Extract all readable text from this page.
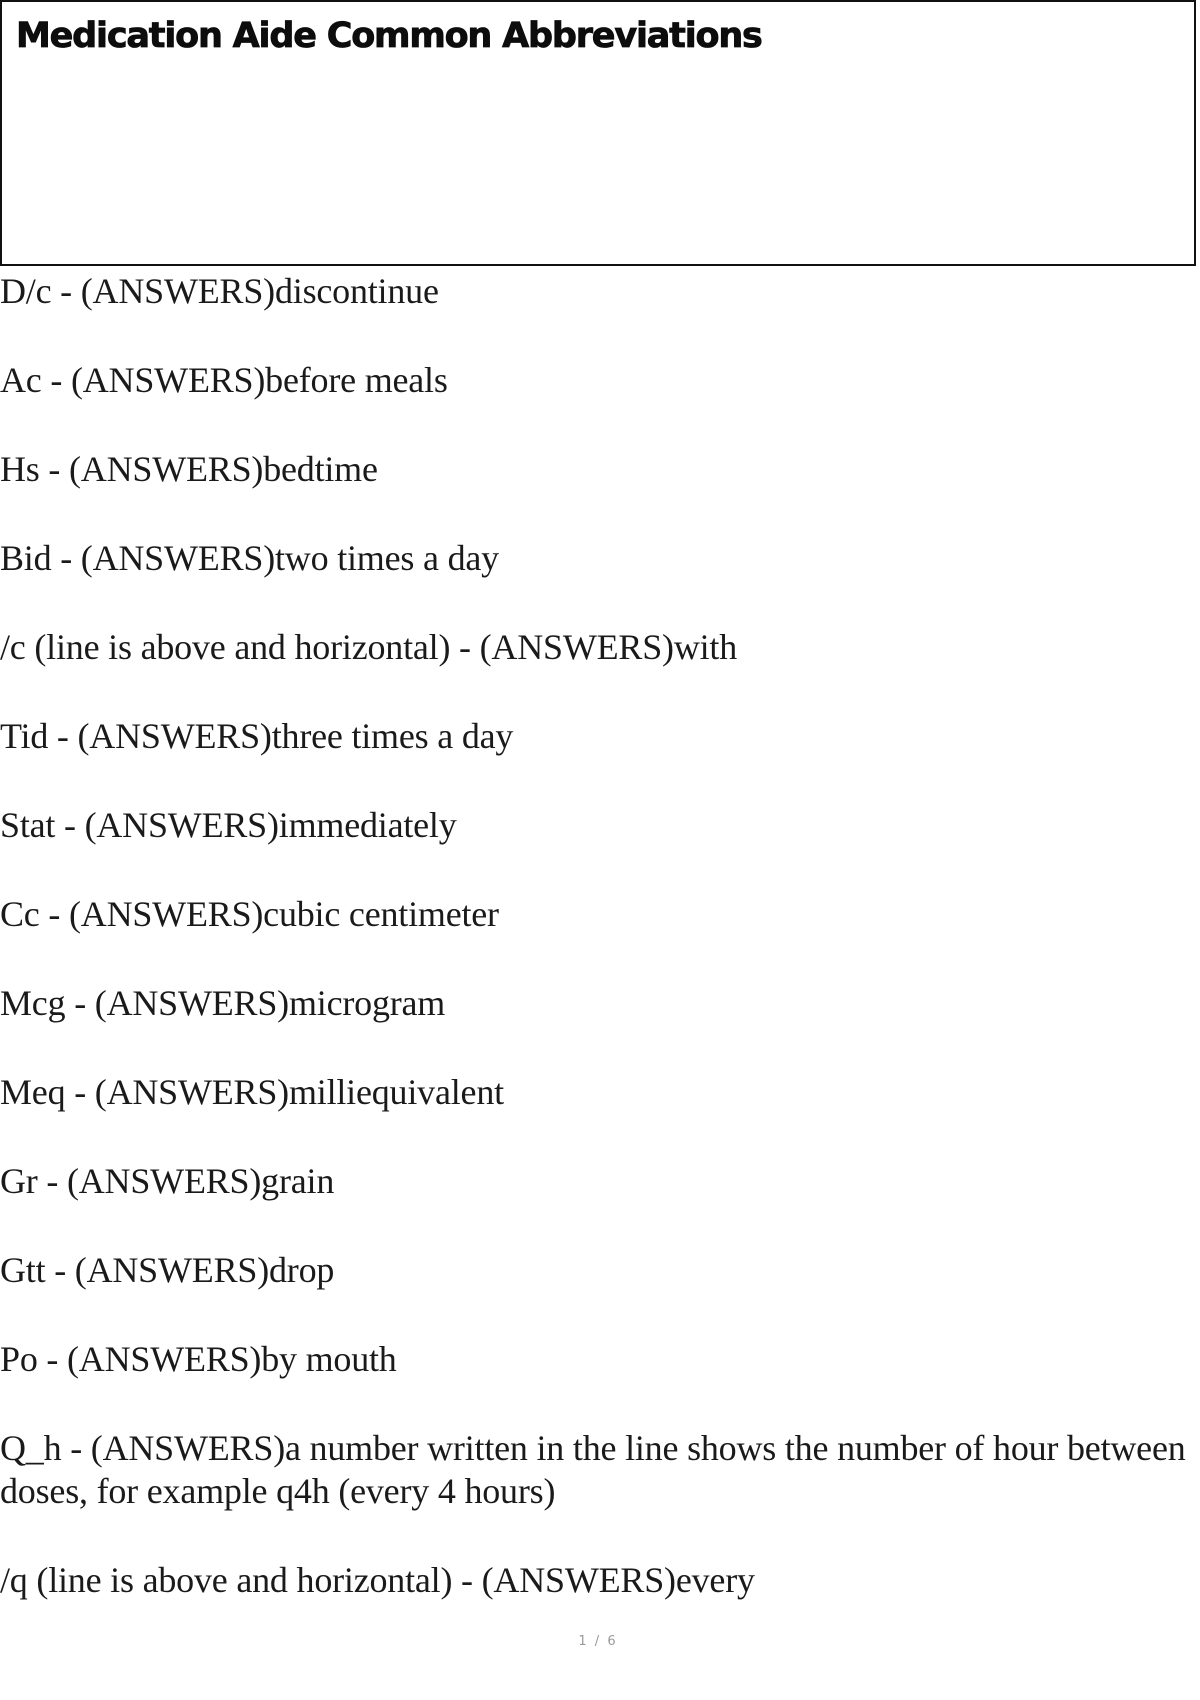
Medication Aide Common Abbreviations
D/c - (ANSWERS)discontinue
Ac - (ANSWERS)before meals
Hs - (ANSWERS)bedtime
Bid - (ANSWERS)two times a day
/c (line is above and horizontal) - (ANSWERS)with
Tid - (ANSWERS)three times a day
Stat - (ANSWERS)immediately
Cc - (ANSWERS)cubic centimeter
Mcg - (ANSWERS)microgram
Meq - (ANSWERS)milliequivalent
Gr - (ANSWERS)grain
Gtt - (ANSWERS)drop
Po - (ANSWERS)by mouth
Q_h - (ANSWERS)a number written in the line shows the number of hour between doses, for example q4h (every 4 hours)
/q (line is above and horizontal) - (ANSWERS)every
1 / 6
